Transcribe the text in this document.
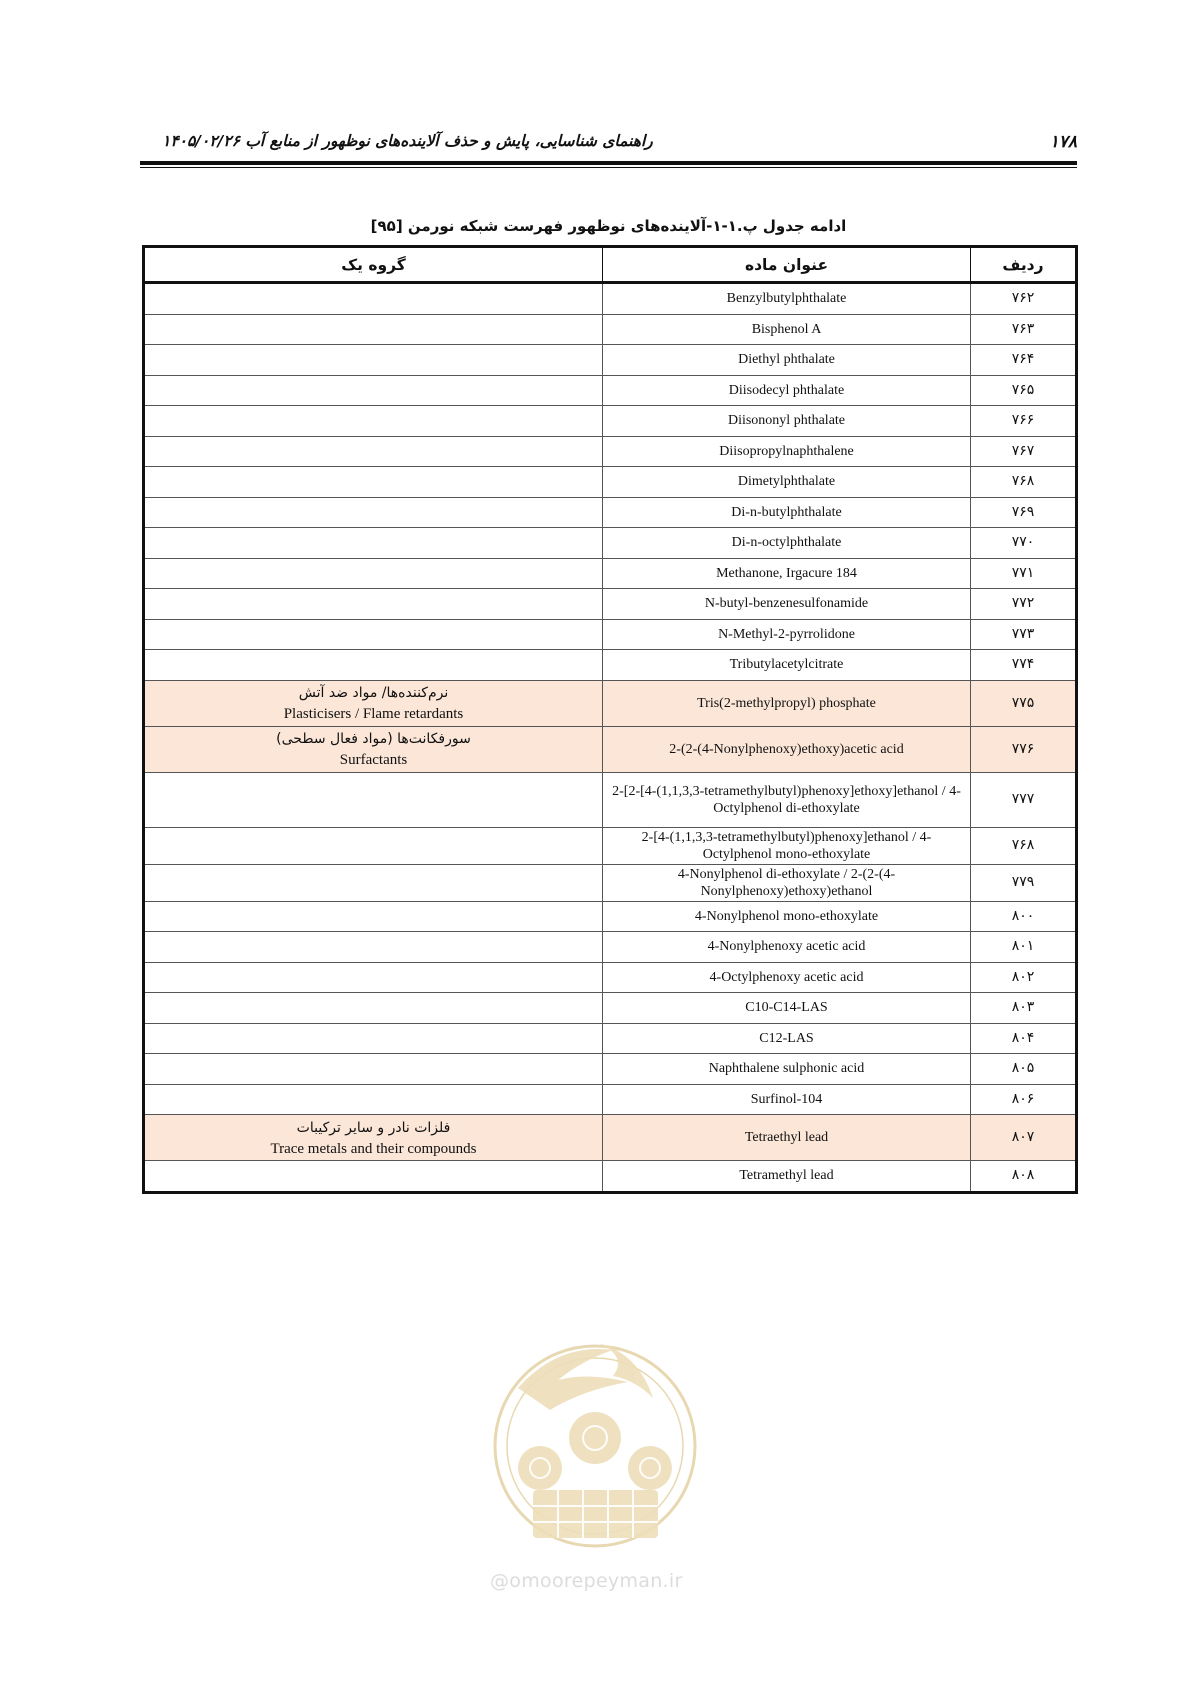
۱۷۸
راهنمای شناسایی، پایش و حذف آلاینده‌های نوظهور از منابع آب ۱۴۰۵/۰۲/۲۶
ادامه جدول پ.۱-۱-آلاینده‌های نوظهور فهرست شبکه نورمن [۹۵]
ردیف	عنوان ماده	گروه یک
۷۶۲	Benzylbutylphthalate	
۷۶۳	Bisphenol A	
۷۶۴	Diethyl phthalate	
۷۶۵	Diisodecyl phthalate	
۷۶۶	Diisononyl phthalate	
۷۶۷	Diisopropylnaphthalene	
۷۶۸	Dimetylphthalate	
۷۶۹	Di-n-butylphthalate	
۷۷۰	Di-n-octylphthalate	
۷۷۱	Methanone, Irgacure 184	
۷۷۲	N-butyl-benzenesulfonamide	
۷۷۳	N-Methyl-2-pyrrolidone	
۷۷۴	Tributylacetylcitrate	
۷۷۵	Tris(2-methylpropyl) phosphate	نرم‌کننده‌ها/ مواد ضد آتش
Plasticisers / Flame retardants

۷۷۶	2-(2-(4-Nonylphenoxy)ethoxy)acetic acid	سورفکانت‌ها (مواد فعال سطحی)
Surfactants

۷۷۷	2-[2-[4-(1,1,3,3-tetramethylbutyl)phenoxy]ethoxy]ethanol / 4-Octylphenol di-ethoxylate	
۷۶۸	2-[4-(1,1,3,3-tetramethylbutyl)phenoxy]ethanol / 4-Octylphenol mono-ethoxylate	
۷۷۹	4-Nonylphenol di-ethoxylate / 2-(2-(4-Nonylphenoxy)ethoxy)ethanol	
۸۰۰	4-Nonylphenol mono-ethoxylate	
۸۰۱	4-Nonylphenoxy acetic acid	
۸۰۲	4-Octylphenoxy acetic acid	
۸۰۳	C10-C14-LAS	
۸۰۴	C12-LAS	
۸۰۵	Naphthalene sulphonic acid	
۸۰۶	Surfinol-104	
۸۰۷	Tetraethyl lead	فلزات نادر و سایر ترکیبات
Trace metals and their compounds

۸۰۸	Tetramethyl lead	
@omoorepeyman.ir
